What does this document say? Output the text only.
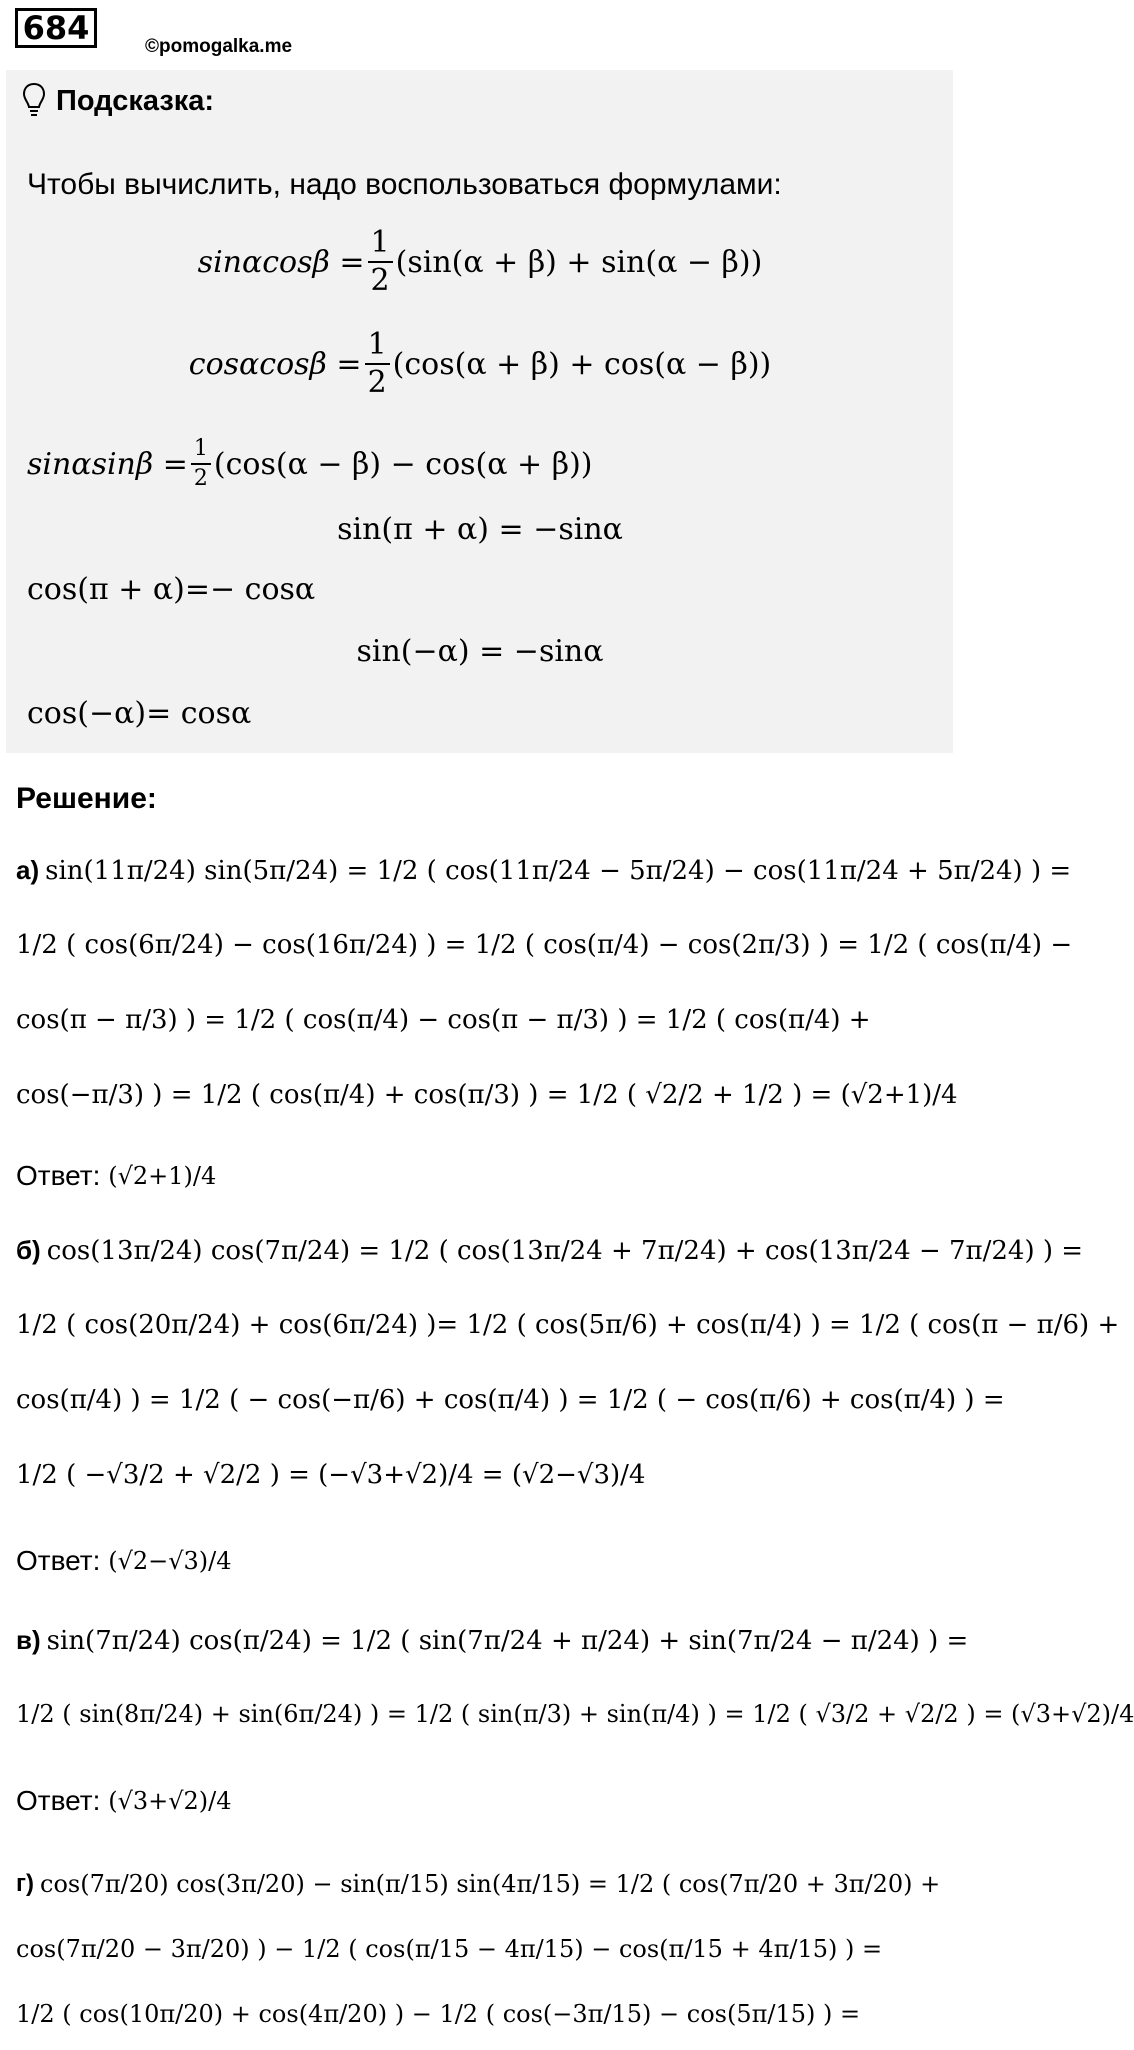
684	©pomogalka.me
Подсказка:
Чтобы вычислить, надо воспользоваться формулами:
$\sin\alpha\cos\beta = \frac{1}{2} (\sin(\alpha + \beta) + \sin(\alpha - \beta))$
$\cos\alpha\cos\beta = \frac{1}{2} (\cos(\alpha + \beta) + \cos(\alpha - \beta))$
$\sin\alpha\sin\beta = \frac{1}{2} (\cos(\alpha - \beta) - \cos(\alpha + \beta))$
sin(π + α) = −sinα
cos(π + α)=− cosα
sin(−α) = −sinα
cos(−α)= cosα
Решение:
а) sin(11π/24) sin(5π/24) = 1/2 ( cos(11π/24 − 5π/24) − cos(11π/24 + 5π/24) ) =
1/2 ( cos(6π/24) − cos(16π/24) ) = 1/2 ( cos(π/4) − cos(2π/3) ) = 1/2 ( cos(π/4) −
cos(π − π/3) ) = 1/2 ( cos(π/4) − cos(π − π/3) ) = 1/2 ( cos(π/4) +
cos(−π/3) ) = 1/2 ( cos(π/4) + cos(π/3) ) = 1/2 ( √2/2 + 1/2 ) = (√2+1)/4
Ответ:
(√2+1)/4
б) cos(13π/24) cos(7π/24) = 1/2 ( cos(13π/24 + 7π/24) + cos(13π/24 − 7π/24) ) =
1/2 ( cos(20π/24) + cos(6π/24) )= 1/2 ( cos(5π/6) + cos(π/4) ) = 1/2 ( cos(π − π/6) +
cos(π/4) ) = 1/2 ( − cos(−π/6) + cos(π/4) ) = 1/2 ( − cos(π/6) + cos(π/4) ) =
1/2 ( −√3/2 + √2/2 ) = (−√3+√2)/4 = (√2−√3)/4
Ответ:
(√2−√3)/4
в) sin(7π/24) cos(π/24) = 1/2 ( sin(7π/24 + π/24) + sin(7π/24 − π/24) ) =
1/2 ( sin(8π/24) + sin(6π/24) ) = 1/2 ( sin(π/3) + sin(π/4) ) = 1/2 ( √3/2 + √2/2 ) = (√3+√2)/4
Ответ:
(√3+√2)/4
г) cos(7π/20) cos(3π/20) − sin(π/15) sin(4π/15) = 1/2 ( cos(7π/20 + 3π/20) +
cos(7π/20 − 3π/20) ) − 1/2 ( cos(π/15 − 4π/15) − cos(π/15 + 4π/15) ) =
1/2 ( cos(10π/20) + cos(4π/20) ) − 1/2 ( cos(−3π/15) − cos(5π/15) ) =
